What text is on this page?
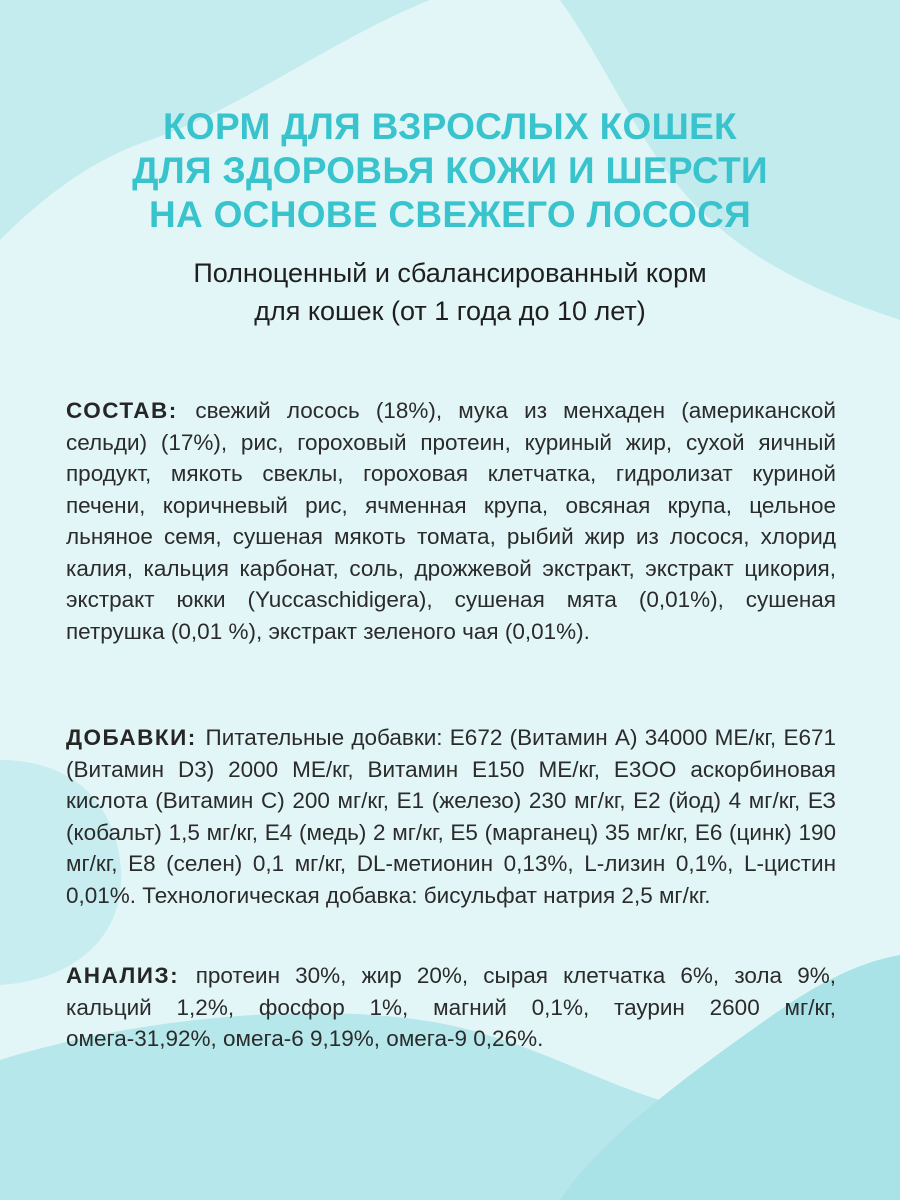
КОРМ ДЛЯ ВЗРОСЛЫХ КОШЕК
ДЛЯ ЗДОРОВЬЯ КОЖИ И ШЕРСТИ
НА ОСНОВЕ СВЕЖЕГО ЛОСОСЯ
Полноценный и сбалансированный корм
для кошек (от 1 года до 10 лет)
СОСТАВ: свежий лосось (18%), мука из менхаден (американской сельди) (17%), рис, гороховый протеин, куриный жир, сухой яичный продукт, мякоть свеклы, гороховая клетчатка, гидролизат куриной печени, коричневый рис, ячменная крупа, овсяная крупа, цельное льняное семя, сушеная мякоть томата, рыбий жир из лосося, хлорид калия, кальция карбонат, соль, дрожжевой экстракт, экстракт цикория, экстракт юкки (Yuccaschidigera), сушеная мята (0,01%), сушеная петрушка (0,01 %), экстракт зеленого чая (0,01%).
ДОБАВКИ: Питательные добавки: E672 (Витамин А) 34000 МЕ/кг, Е671 (Витамин D3) 2000 МЕ/кг, Витамин Е150 МЕ/кг, Е3ОО аскорбиновая кислота (Витамин С) 200 мг/кг, E1 (железо) 230 мг/кг, Е2 (йод) 4 мг/кг, ЕЗ (кобальт) 1,5 мг/кг, Е4 (медь) 2 мг/кг, Е5 (марганец) 35 мг/кг, Е6 (цинк) 190 мг/кг, Е8 (селен) 0,1 мг/кг, DL-метионин 0,13%, L-лизин 0,1%, L-цистин 0,01%. Технологическая добавка: бисульфат натрия 2,5 мг/кг.
АНАЛИЗ: протеин 30%, жир 20%, сырая клетчатка 6%, зола 9%, кальций 1,2%, фосфор 1%, магний 0,1%, таурин 2600 мг/кг, омега-31,92%, омега-6 9,19%, омега-9 0,26%.
